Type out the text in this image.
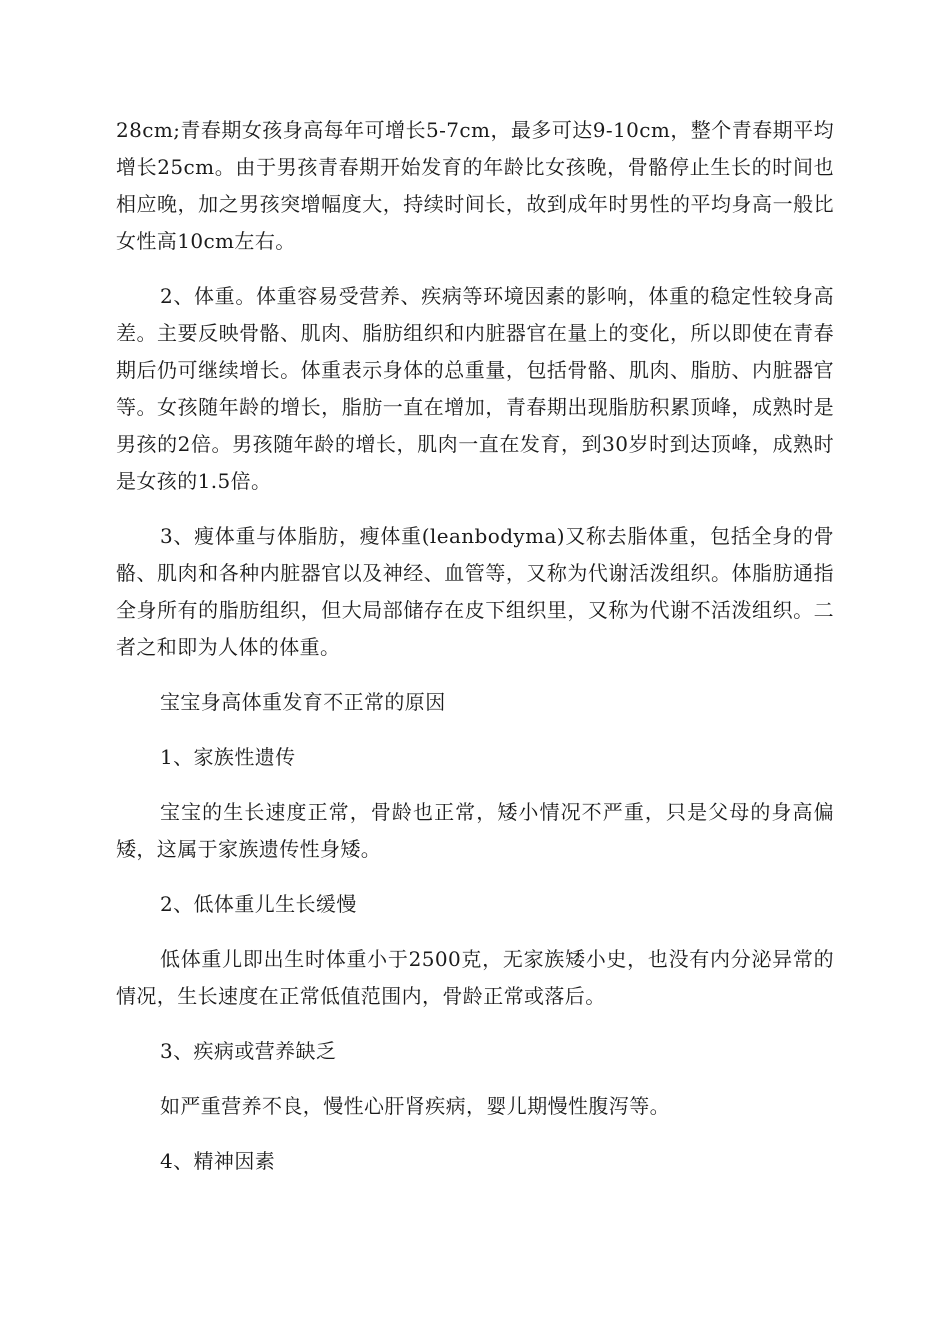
28cm;青春期女孩身高每年可增长5-7cm，最多可达9-10cm，整个青春期平均增长25cm。由于男孩青春期开始发育的年龄比女孩晚，骨骼停止生长的时间也相应晚，加之男孩突增幅度大，持续时间长，故到成年时男性的平均身高一般比女性高10cm左右。

2、体重。体重容易受营养、疾病等环境因素的影响，体重的稳定性较身高差。主要反映骨骼、肌肉、脂肪组织和内脏器官在量上的变化，所以即使在青春期后仍可继续增长。体重表示身体的总重量，包括骨骼、肌肉、脂肪、内脏器官等。女孩随年龄的增长，脂肪一直在增加，青春期出现脂肪积累顶峰，成熟时是男孩的2倍。男孩随年龄的增长，肌肉一直在发育，到30岁时到达顶峰，成熟时是女孩的1.5倍。

3、瘦体重与体脂肪，瘦体重(leanbodyma)又称去脂体重，包括全身的骨骼、肌肉和各种内脏器官以及神经、血管等，又称为代谢活泼组织。体脂肪通指全身所有的脂肪组织，但大局部储存在皮下组织里，又称为代谢不活泼组织。二者之和即为人体的体重。

宝宝身高体重发育不正常的原因

1、家族性遗传

宝宝的生长速度正常，骨龄也正常，矮小情况不严重，只是父母的身高偏矮，这属于家族遗传性身矮。

2、低体重儿生长缓慢

低体重儿即出生时体重小于2500克，无家族矮小史，也没有内分泌异常的情况，生长速度在正常低值范围内，骨龄正常或落后。

3、疾病或营养缺乏

如严重营养不良，慢性心肝肾疾病，婴儿期慢性腹泻等。

4、精神因素
